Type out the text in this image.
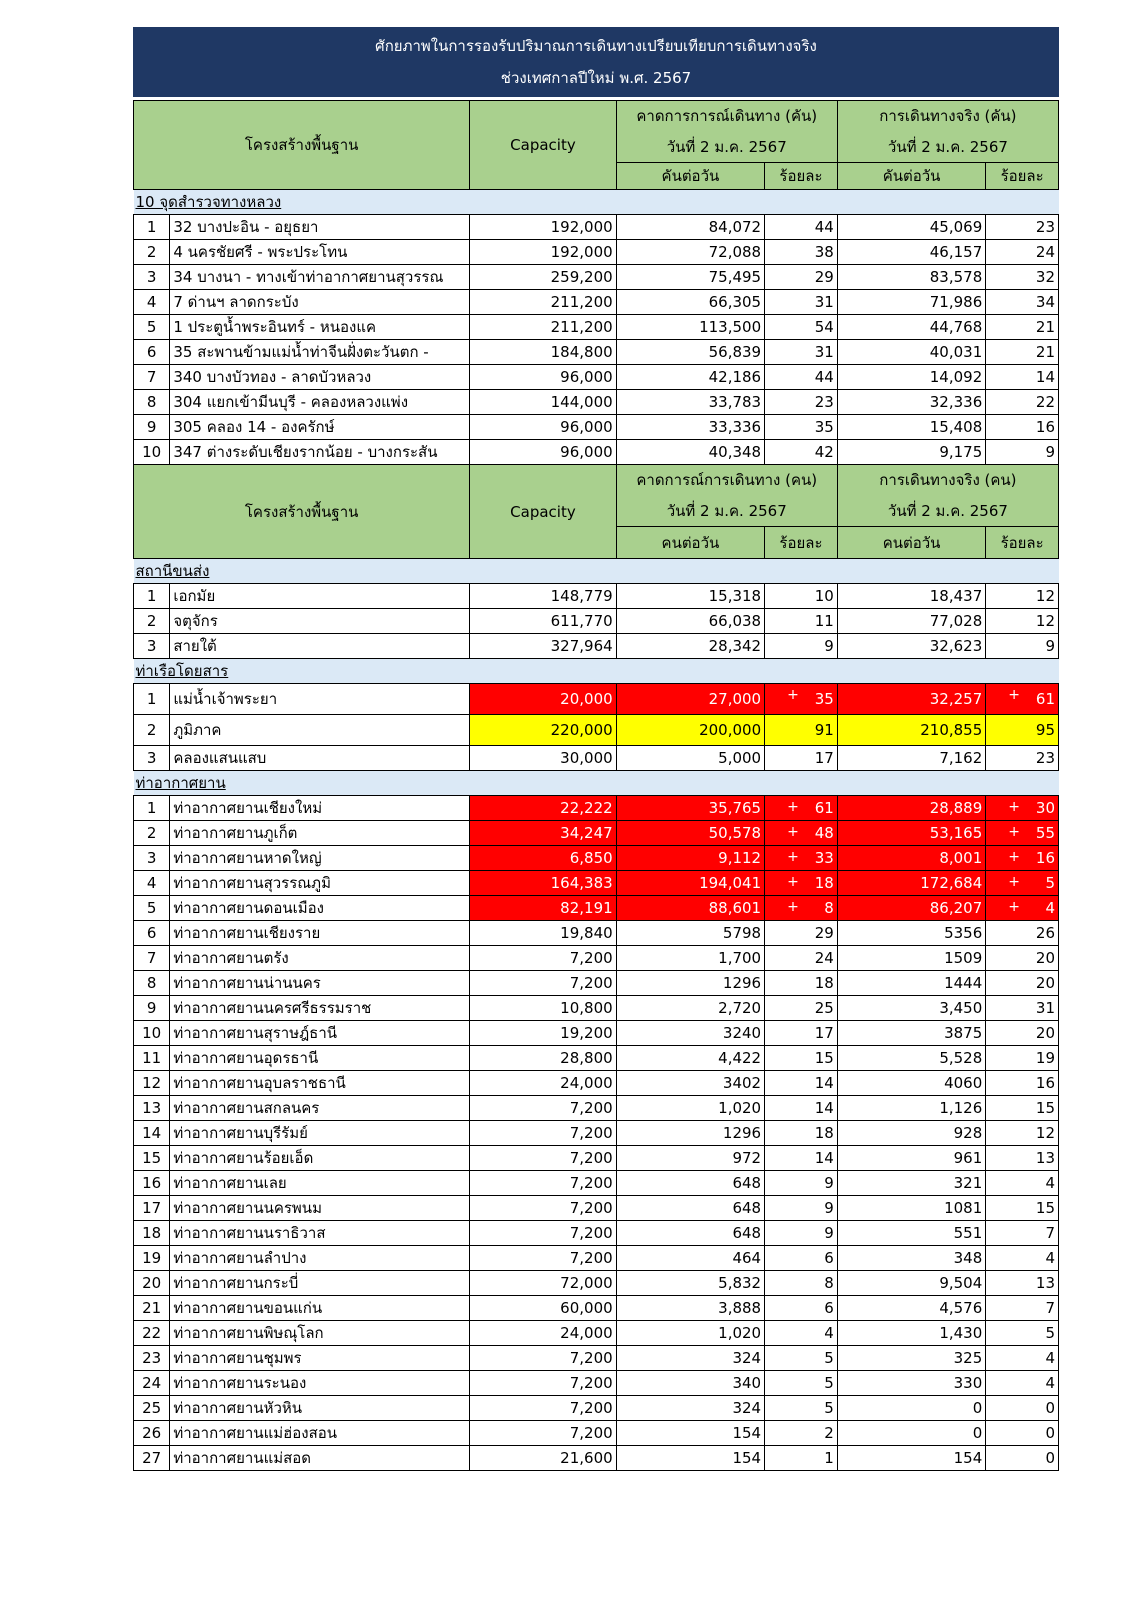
ศักยภาพในการรองรับปริมาณการเดินทางเปรียบเทียบการเดินทางจริง
ช่วงเทศกาลปีใหม่ พ.ศ. 2567
โครงสร้างพื้นฐาน		Capacity	คาดการการณ์เดินทาง (คัน)		การเดินทางจริง (คัน)	
			วันที่ 2 ม.ค. 2567		วันที่ 2 ม.ค. 2567	
			คันต่อวัน	ร้อยละ	คันต่อวัน	ร้อยละ
10 จุดสำรวจทางหลวง						
1	32 บางปะอิน - อยุธยา	192,000	84,072	44	45,069	23
2	4 นครชัยศรี - พระประโทน	192,000	72,088	38	46,157	24
3	34 บางนา - ทางเข้าท่าอากาศยานสุวรรณ	259,200	75,495	29	83,578	32
4	7 ด่านฯ ลาดกระบัง	211,200	66,305	31	71,986	34
5	1 ประตูน้ำพระอินทร์ - หนองแค	211,200	113,500	54	44,768	21
6	35 สะพานข้ามแม่น้ำท่าจีนฝั่งตะวันตก -	184,800	56,839	31	40,031	21
7	340 บางบัวทอง - ลาดบัวหลวง	96,000	42,186	44	14,092	14
8	304 แยกเข้ามีนบุรี - คลองหลวงแพ่ง	144,000	33,783	23	32,336	22
9	305 คลอง 14 - องครักษ์	96,000	33,336	35	15,408	16
10	347 ต่างระดับเชียงรากน้อย - บางกระสัน	96,000	40,348	42	9,175	9
โครงสร้างพื้นฐาน		Capacity	คาดการณ์การเดินทาง (คน)		การเดินทางจริง (คน)	
			วันที่ 2 ม.ค. 2567		วันที่ 2 ม.ค. 2567	
			คนต่อวัน	ร้อยละ	คนต่อวัน	ร้อยละ
สถานีขนส่ง						
1	เอกมัย	148,779	15,318	10	18,437	12
2	จตุจักร	611,770	66,038	11	77,028	12
3	สายใต้	327,964	28,342	9	32,623	9
ท่าเรือโดยสาร						
1	แม่น้ำเจ้าพระยา	20,000	27,000	+ 35	32,257	+ 61
2	ภูมิภาค	220,000	200,000	91	210,855	95
3	คลองแสนแสบ	30,000	5,000	17	7,162	23
ท่าอากาศยาน						
1	ท่าอากาศยานเชียงใหม่	22,222	35,765	+ 61	28,889	+ 30
2	ท่าอากาศยานภูเก็ต	34,247	50,578	+ 48	53,165	+ 55
3	ท่าอากาศยานหาดใหญ่	6,850	9,112	+ 33	8,001	+ 16
4	ท่าอากาศยานสุวรรณภูมิ	164,383	194,041	+ 18	172,684	+ 5
5	ท่าอากาศยานดอนเมือง	82,191	88,601	+ 8	86,207	+ 4
6	ท่าอากาศยานเชียงราย	19,840	5798	29	5356	26
7	ท่าอากาศยานตรัง	7,200	1,700	24	1509	20
8	ท่าอากาศยานน่านนคร	7,200	1296	18	1444	20
9	ท่าอากาศยานนครศรีธรรมราช	10,800	2,720	25	3,450	31
10	ท่าอากาศยานสุราษฎ์ธานี	19,200	3240	17	3875	20
11	ท่าอากาศยานอุดรธานี	28,800	4,422	15	5,528	19
12	ท่าอากาศยานอุบลราชธานี	24,000	3402	14	4060	16
13	ท่าอากาศยานสกลนคร	7,200	1,020	14	1,126	15
14	ท่าอากาศยานบุรีรัมย์	7,200	1296	18	928	12
15	ท่าอากาศยานร้อยเอ็ด	7,200	972	14	961	13
16	ท่าอากาศยานเลย	7,200	648	9	321	4
17	ท่าอากาศยานนครพนม	7,200	648	9	1081	15
18	ท่าอากาศยานนราธิวาส	7,200	648	9	551	7
19	ท่าอากาศยานลำปาง	7,200	464	6	348	4
20	ท่าอากาศยานกระบี่	72,000	5,832	8	9,504	13
21	ท่าอากาศยานขอนแก่น	60,000	3,888	6	4,576	7
22	ท่าอากาศยานพิษณุโลก	24,000	1,020	4	1,430	5
23	ท่าอากาศยานชุมพร	7,200	324	5	325	4
24	ท่าอากาศยานระนอง	7,200	340	5	330	4
25	ท่าอากาศยานหัวหิน	7,200	324	5	0	0
26	ท่าอากาศยานแม่ฮ่องสอน	7,200	154	2	0	0
27	ท่าอากาศยานแม่สอด	21,600	154	1	154	0
